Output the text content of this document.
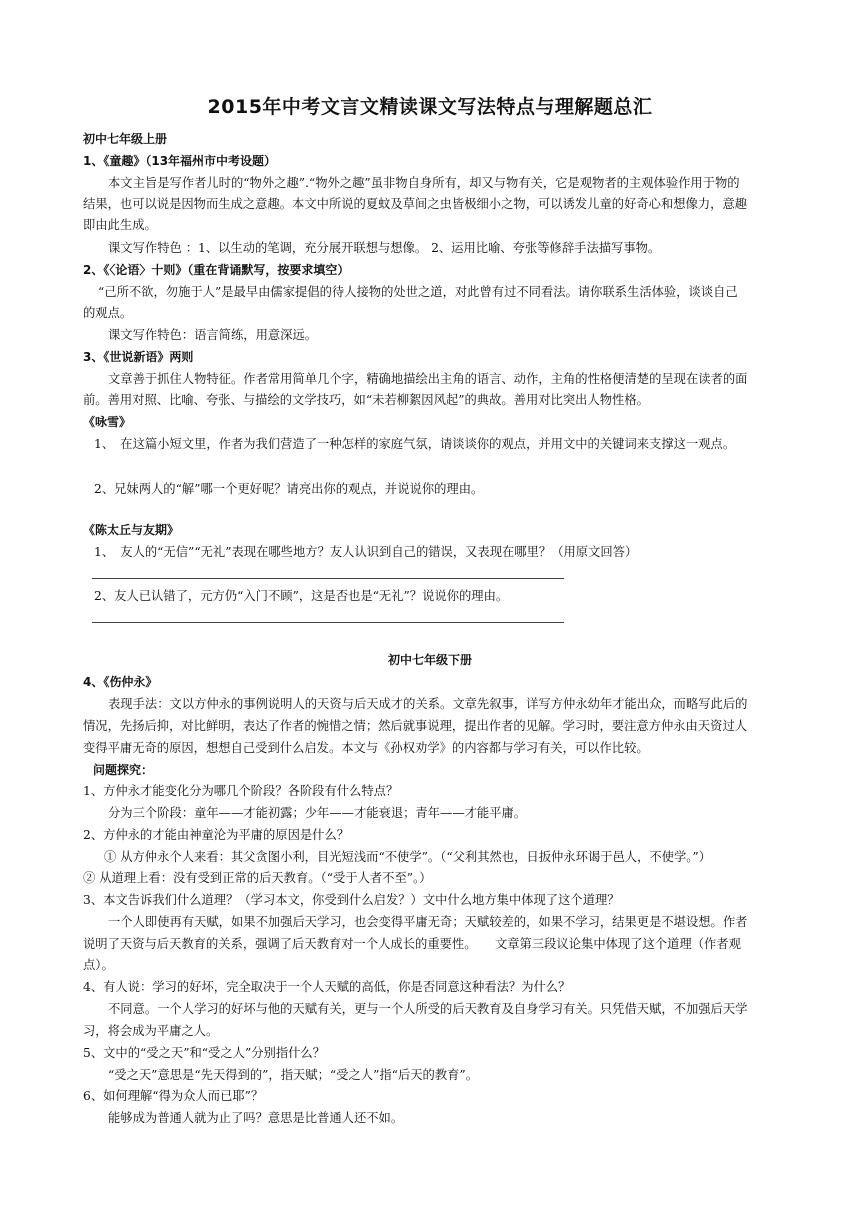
2015年中考文言文精读课文写法特点与理解题总汇
初中七年级上册
1、《童趣》（13年福州市中考设题）
本文主旨是写作者儿时的“物外之趣”.“物外之趣”虽非物自身所有，却又与物有关，它是观物者的主观体验作用于物的
结果，也可以说是因物而生成之意趣。本文中所说的夏蚊及草间之虫皆极细小之物，可以诱发儿童的好奇心和想像力，意趣
即由此生成。
课文写作特色 ：1、以生动的笔调，充分展开联想与想像。 2、运用比喻、夸张等修辞手法描写事物。
2、《〈论语〉十则》（重在背诵默写，按要求填空）
“己所不欲，勿施于人”是最早由儒家提倡的待人接物的处世之道，对此曾有过不同看法。请你联系生活体验，谈谈自己
的观点。
课文写作特色：语言简练，用意深远。
3、《世说新语》两则
文章善于抓住人物特征。作者常用简单几个字，精确地描绘出主角的语言、动作，主角的性格便清楚的呈现在读者的面
前。善用对照、比喻、夸张、与描绘的文学技巧，如“未若柳絮因风起”的典故。善用对比突出人物性格。
《咏雪》
1、　在这篇小短文里，作者为我们营造了一种怎样的家庭气氛，请谈谈你的观点，并用文中的关键词来支撑这一观点。
2、兄妹两人的“解”哪一个更好呢？请亮出你的观点，并说说你的理由。
《陈太丘与友期》
1、　友人的“无信”“无礼”表现在哪些地方？友人认识到自己的错误，又表现在哪里？（用原文回答）
2、友人已认错了，元方仍“入门不顾”，这是否也是“无礼”？说说你的理由。
初中七年级下册
4、《伤仲永》
表现手法：文以方仲永的事例说明人的天资与后天成才的关系。文章先叙事，详写方仲永幼年才能出众，而略写此后的
情况，先扬后抑，对比鲜明，表达了作者的惋惜之情；然后就事说理，提出作者的见解。学习时，要注意方仲永由天资过人
变得平庸无奇的原因，想想自己受到什么启发。本文与《孙权劝学》的内容都与学习有关，可以作比较。
问题探究：
1、方仲永才能变化分为哪几个阶段？各阶段有什么特点？
分为三个阶段：童年——才能初露；少年——才能衰退；青年——才能平庸。
2、方仲永的才能由神童沦为平庸的原因是什么？
① 从方仲永个人来看：其父贪图小利，目光短浅而“不使学”。（“父利其然也，日扳仲永环谒于邑人，不使学。”）
② 从道理上看：没有受到正常的后天教育。（“受于人者不至”。）
3、本文告诉我们什么道理？（学习本文，你受到什么启发？）文中什么地方集中体现了这个道理？
一个人即使再有天赋，如果不加强后天学习，也会变得平庸无奇；天赋较差的，如果不学习，结果更是不堪设想。作者
说明了天资与后天教育的关系，强调了后天教育对一个人成长的重要性。　　文章第三段议论集中体现了这个道理（作者观
点）。
4、有人说：学习的好坏，完全取决于一个人天赋的高低，你是否同意这种看法？为什么？
不同意。一个人学习的好坏与他的天赋有关，更与一个人所受的后天教育及自身学习有关。只凭借天赋，不加强后天学
习，将会成为平庸之人。
5、文中的“受之天”和“受之人”分别指什么？
“受之天”意思是“先天得到的”，指天赋；“受之人”指“后天的教育”。
6、如何理解“得为众人而已耶”？
能够成为普通人就为止了吗？意思是比普通人还不如。
